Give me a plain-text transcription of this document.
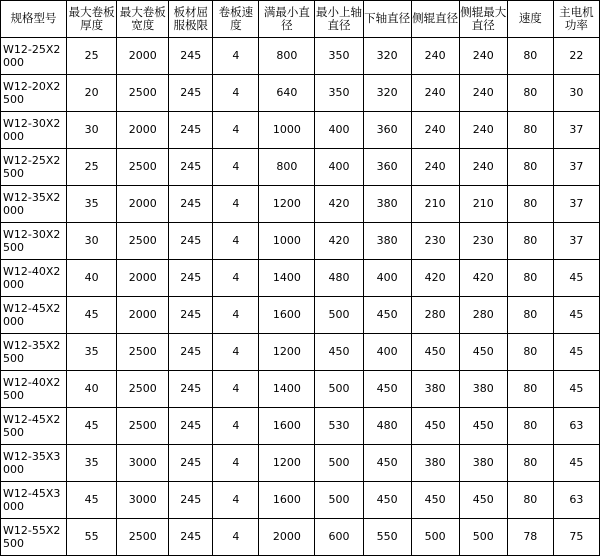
规格型号	最大卷板厚度	最大卷板宽度	板材屈服极限	卷板速度	满最小直径	最小上轴直径	下轴直径	侧辊直径	侧辊最大直径	速度	主电机功率
W12-25X2000	25	2000	245	4	800	350	320	240	240	80	22
W12-20X2500	20	2500	245	4	640	350	320	240	240	80	30
W12-30X2000	30	2000	245	4	1000	400	360	240	240	80	37
W12-25X2500	25	2500	245	4	800	400	360	240	240	80	37
W12-35X2000	35	2000	245	4	1200	420	380	210	210	80	37
W12-30X2500	30	2500	245	4	1000	420	380	230	230	80	37
W12-40X2000	40	2000	245	4	1400	480	400	420	420	80	45
W12-45X2000	45	2000	245	4	1600	500	450	280	280	80	45
W12-35X2500	35	2500	245	4	1200	450	400	450	450	80	45
W12-40X2500	40	2500	245	4	1400	500	450	380	380	80	45
W12-45X2500	45	2500	245	4	1600	530	480	450	450	80	63
W12-35X3000	35	3000	245	4	1200	500	450	380	380	80	45
W12-45X3000	45	3000	245	4	1600	500	450	450	450	80	63
W12-55X2500	55	2500	245	4	2000	600	550	500	500	78	75
